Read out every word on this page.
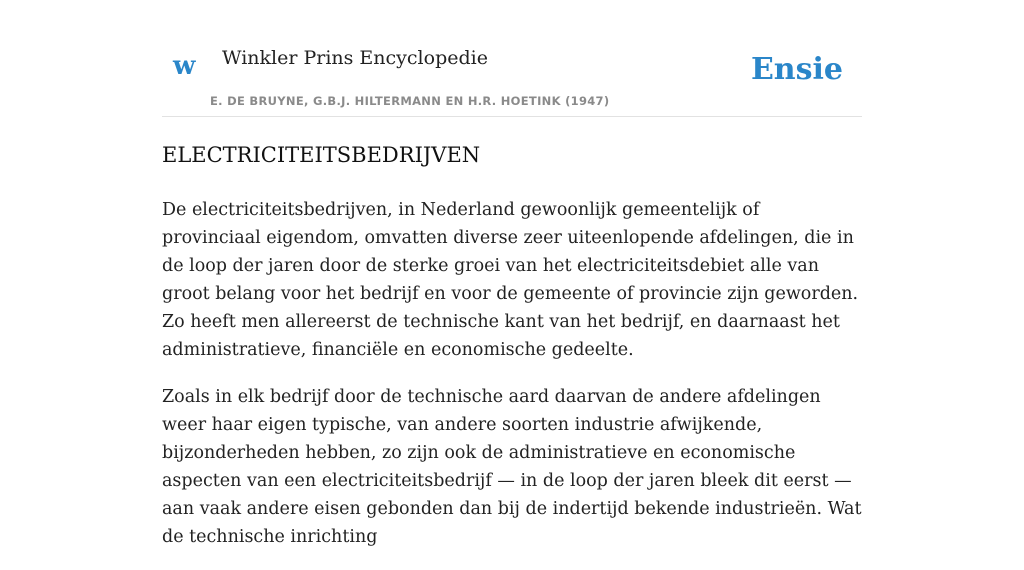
w Winkler Prins Encyclopedie
E. DE BRUYNE, G.B.J. HILTERMANN EN H.R. HOETINK (1947)
Ensie
ELECTRICITEITSBEDRIJVEN

De electriciteitsbedrijven, in Nederland gewoonlijk gemeentelijk of provinciaal eigendom, omvatten diverse zeer uiteenlopende afdelingen, die in de loop der jaren door de sterke groei van het electriciteitsdebiet alle van groot belang voor het bedrijf en voor de gemeente of provincie zijn geworden. Zo heeft men allereerst de technische kant van het bedrijf, en daarnaast het administratieve, financiële en economische gedeelte.

Zoals in elk bedrijf door de technische aard daarvan de andere afdelingen weer haar eigen typische, van andere soorten industrie afwijkende, bijzonderheden hebben, zo zijn ook de administratieve en economische aspecten van een electriciteitsbedrijf — in de loop der jaren bleek dit eerst — aan vaak andere eisen gebonden dan bij de indertijd bekende industrieën. Wat de technische inrichting
